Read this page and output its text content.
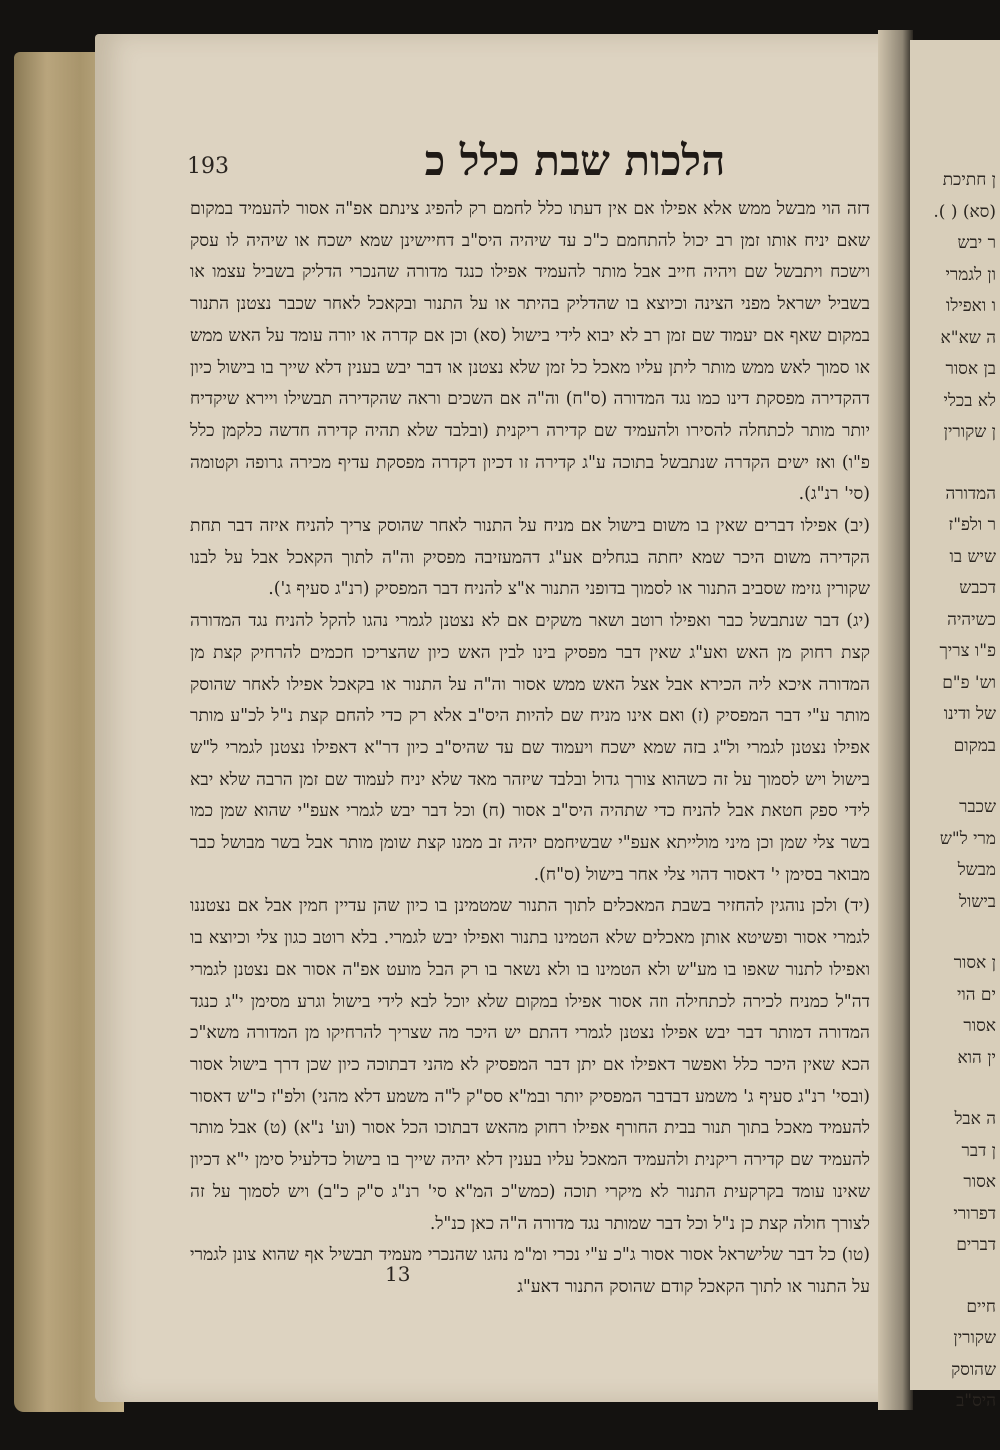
193	הלכות שבת כלל כ

דזה הוי מבשל ממש אלא אפילו אם אין דעתו כלל לחמם רק להפיג צינתם אפ"ה אסור להעמיד במקום שאם יניח אותו זמן רב יכול להתחמם כ"כ עד שיהיה היס"ב דחיישינן שמא ישכח או שיהיה לו עסק וישכח ויתבשל שם ויהיה חייב אבל מותר להעמיד אפילו כנגד מדורה שהנכרי הדליק בשביל עצמו או בשביל ישראל מפני הצינה וכיוצא בו שהדליק בהיתר או על התנור ובקאכל לאחר שכבר נצטנן התנור במקום שאף אם יעמוד שם זמן רב לא יבוא לידי בישול (סא) וכן אם קדרה או יורה עומד על האש ממש או סמוך לאש ממש מותר ליתן עליו מאכל כל זמן שלא נצטנן או דבר יבש בענין דלא שייך בו בישול כיון דהקדירה מפסקת דינו כמו נגד המדורה (ס"ח) וה"ה אם השכים וראה שהקדירה תבשילו ויירא שיקדיח יותר מותר לכתחלה להסירו ולהעמיד שם קדירה ריקנית (ובלבד שלא תהיה קדירה חדשה כלקמן כלל פ"ו) ואז ישים הקדרה שנתבשל בתוכה ע"ג קדירה זו דכיון דקדרה מפסקת עדיף מכירה גרופה וקטומה (סי' רנ"ג).

(יב) אפילו דברים שאין בו משום בישול אם מניח על התנור לאחר שהוסק צריך להניח איזה דבר תחת הקדירה משום היכר שמא יחתה בגחלים אע"ג דהמעזיבה מפסיק וה"ה לתוך הקאכל אבל על לבנו שקורין גזימז שסביב התנור או לסמוך בדופני התנור א"צ להניח דבר המפסיק (רנ"ג סעיף ג').

(יג) דבר שנתבשל כבר ואפילו רוטב ושאר משקים אם לא נצטנן לגמרי נהגו להקל להניח נגד המדורה קצת רחוק מן האש ואע"ג שאין דבר מפסיק בינו לבין האש כיון שהצריכו חכמים להרחיק קצת מן המדורה איכא ליה הכירא אבל אצל האש ממש אסור וה"ה על התנור או בקאכל אפילו לאחר שהוסק מותר ע"י דבר המפסיק (ז) ואם אינו מניח שם להיות היס"ב אלא רק כדי להחם קצת נ"ל לכ"ע מותר אפילו נצטנן לגמרי ול"ג בזה שמא ישכח ויעמוד שם עד שהיס"ב כיון דר"א דאפילו נצטנן לגמרי ל"ש בישול ויש לסמוך על זה כשהוא צורך גדול ובלבד שיזהר מאד שלא יניח לעמוד שם זמן הרבה שלא יבא לידי ספק חטאת אבל להניח כדי שתהיה היס"ב אסור (ח) וכל דבר יבש לגמרי אעפ"י שהוא שמן כמו בשר צלי שמן וכן מיני מולייתא אעפ"י שבשיחמם יהיה זב ממנו קצת שומן מותר אבל בשר מבושל כבר מבואר בסימן י' דאסור דהוי צלי אחר בישול (ס"ח).

(יד) ולכן נוהגין להחזיר בשבת המאכלים לתוך התנור שמטמינן בו כיון שהן עדיין חמין אבל אם נצטננו לגמרי אסור ופשיטא אותן מאכלים שלא הטמינו בתנור ואפילו יבש לגמרי. בלא רוטב כגון צלי וכיוצא בו ואפילו לתנור שאפו בו מע"ש ולא הטמינו בו ולא נשאר בו רק הבל מועט אפ"ה אסור אם נצטנן לגמרי דה"ל כמניח לכירה לכתחילה וזה אסור אפילו במקום שלא יוכל לבא לידי בישול וגרע מסימן י"ג כנגד המדורה דמותר דבר יבש אפילו נצטנן לגמרי דהתם יש היכר מה שצריך להרחיקו מן המדורה משא"כ הכא שאין היכר כלל ואפשר דאפילו אם יתן דבר המפסיק לא מהני דבתוכה כיון שכן דרך בישול אסור (ובסי' רנ"ג סעיף ג' משמע דבדבר המפסיק יותר ובמ"א סס"ק ל"ה משמע דלא מהני) ולפ"ז כ"ש דאסור להעמיד מאכל בתוך תנור בבית החורף אפילו רחוק מהאש דבתוכו הכל אסור (וע' נ"א) (ט) אבל מותר להעמיד שם קדירה ריקנית ולהעמיד המאכל עליו בענין דלא יהיה שייך בו בישול כדלעיל סימן י"א דכיון שאינו עומד בקרקעית התנור לא מיקרי תוכה (כמש"כ המ"א סי' רנ"ג ס"ק כ"ב) ויש לסמוך על זה לצורך חולה קצת כן נ"ל וכל דבר שמותר נגד מדורה ה"ה כאן כנ"ל.

(טו) כל דבר שלישראל אסור אסור ג"כ ע"י נכרי ומ"מ נהגו שהנכרי מעמיד תבשיל אף שהוא צונן לגמרי על התנור או לתוך הקאכל קודם שהוסק התנור דאע"ג

13
ן חתיכת
(סא) ( ).
ר יבש
ון לגמרי
ו ואפילו
ה שא"א
בן אסור
לא בכלי
ן שקורין
המדורה
ר ולפ"ז
שיש בו
דכבש
כשיהיה
פ"ו צריך
וש' פ"ם
של ודינו
במקום
שכבר
מרי ל"ש
מבשל
בישול
ן אסור
ים הוי
אסור
ין הוא
ה אבל
ן דבר
אסור
דפרורי
דברים
חיים
שקורין
שהוסק
היס"ב
